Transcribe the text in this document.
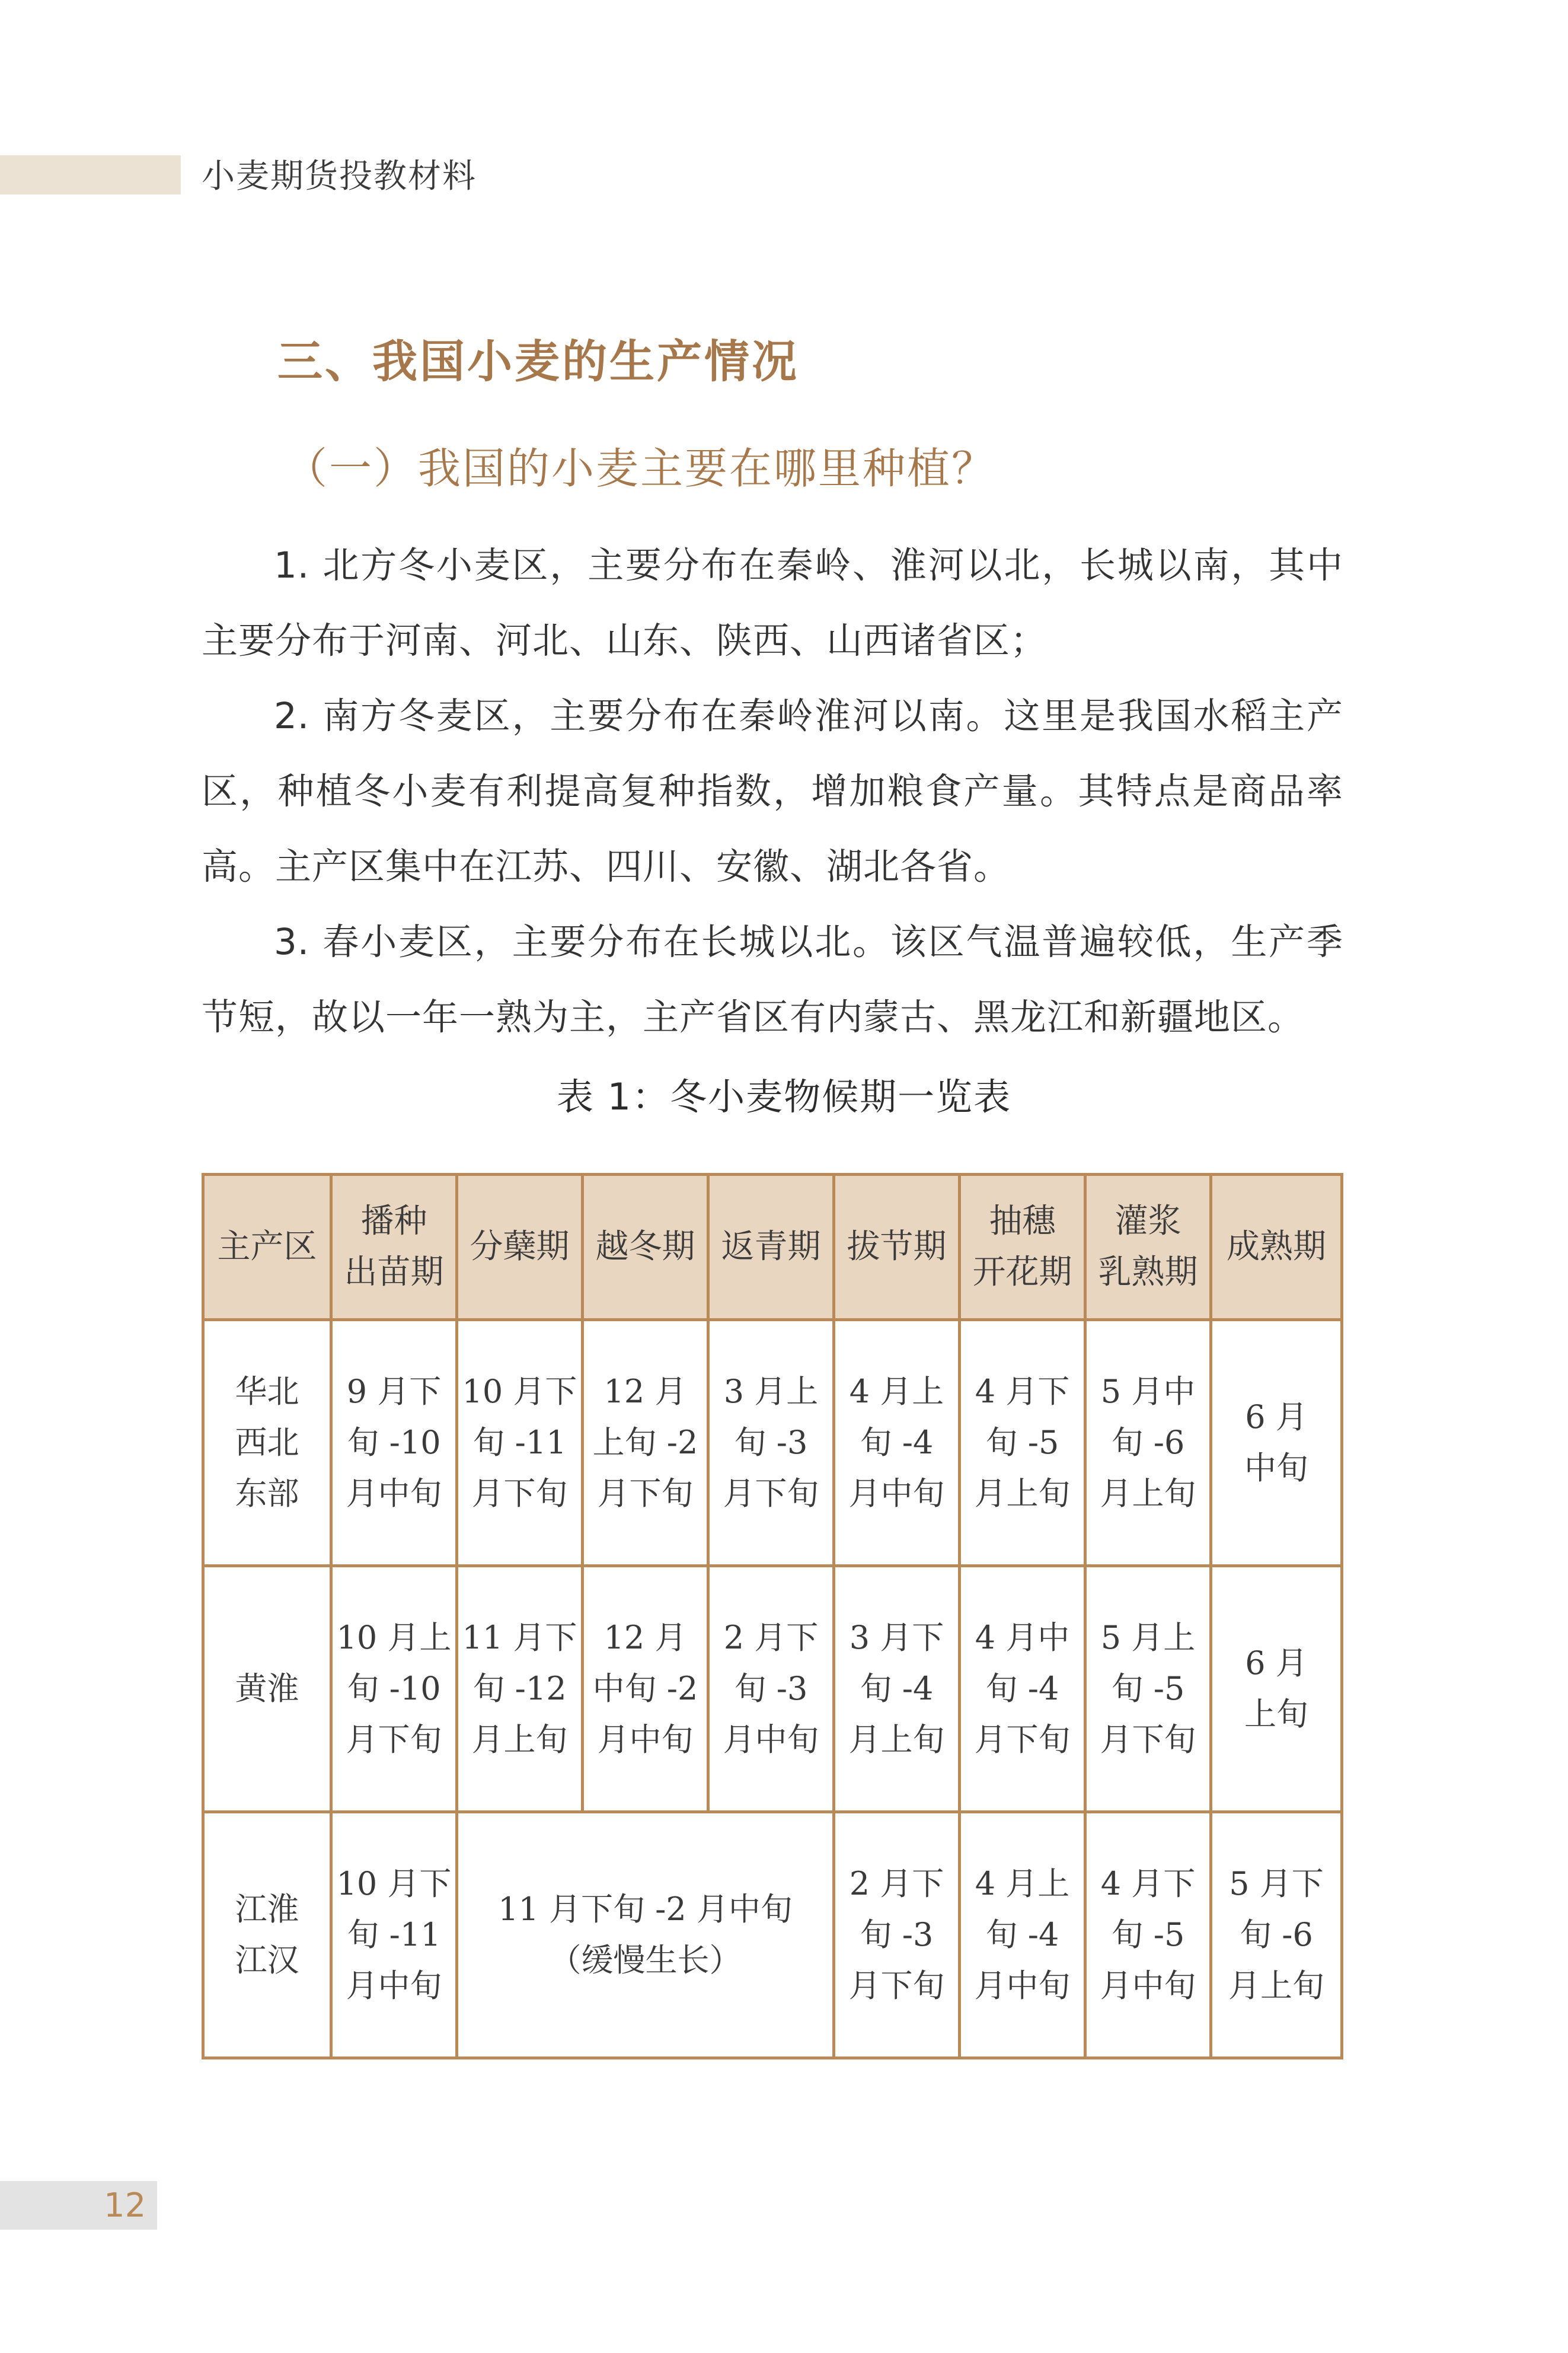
小麦期货投教材料
三、我国小麦的生产情况
（一）我国的小麦主要在哪里种植？

1. 北方冬小麦区，主要分布在秦岭、淮河以北，长城以南，其中主要分布于河南、河北、山东、陕西、山西诸省区；

2. 南方冬麦区，主要分布在秦岭淮河以南。这里是我国水稻主产区，种植冬小麦有利提高复种指数，增加粮食产量。其特点是商品率高。主产区集中在江苏、四川、安徽、湖北各省。

3. 春小麦区，主要分布在长城以北。该区气温普遍较低，生产季节短，故以一年一熟为主，主产省区有内蒙古、黑龙江和新疆地区。

表 1：冬小麦物候期一览表
主产区	播种
出苗期	分蘖期	越冬期	返青期	拔节期	抽穗
开花期	灌浆
乳熟期	成熟期
华北
西北
东部	9 月下
旬 -10
月中旬	10 月下
旬 -11
月下旬	12 月
上旬 -2
月下旬	3 月上
旬 -3
月下旬	4 月上
旬 -4
月中旬	4 月下
旬 -5
月上旬	5 月中
旬 -6
月上旬	6 月
中旬
黄淮	10 月上
旬 -10
月下旬	11 月下
旬 -12
月上旬	12 月
中旬 -2
月中旬	2 月下
旬 -3
月中旬	3 月下
旬 -4
月上旬	4 月中
旬 -4
月下旬	5 月上
旬 -5
月下旬	6 月
上旬
江淮
江汉	10 月下
旬 -11
月中旬	11 月下旬 -2 月中旬
（缓慢生长）			2 月下
旬 -3
月下旬	4 月上
旬 -4
月中旬	4 月下
旬 -5
月中旬	5 月下
旬 -6
月上旬
12
